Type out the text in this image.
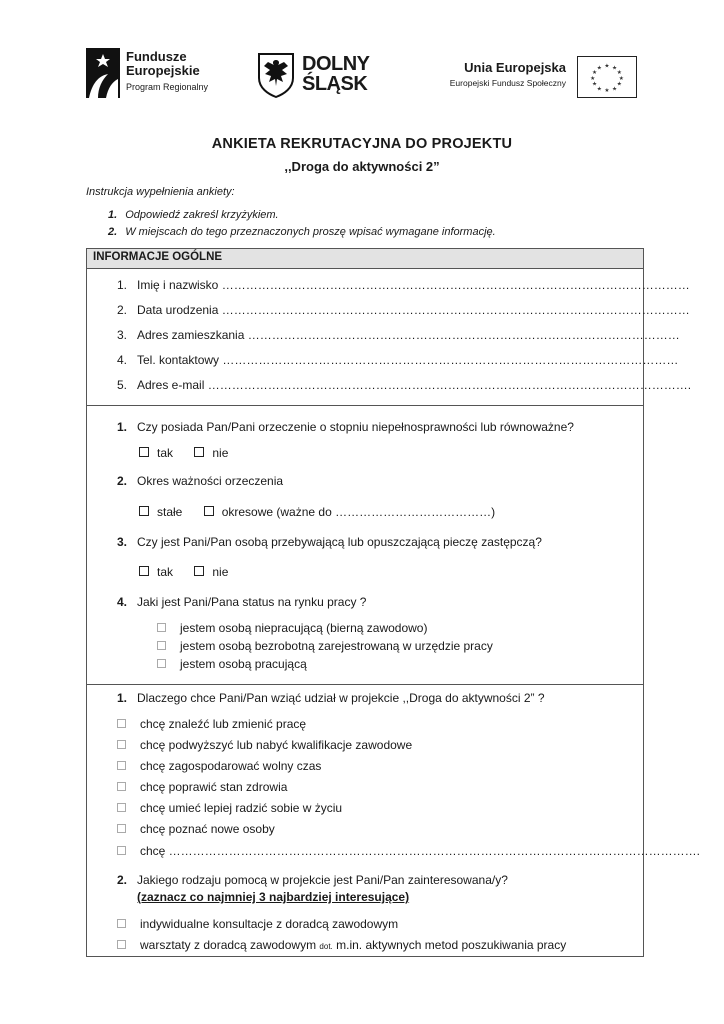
Fundusze
Europejskie
Program Regionalny
DOLNY
ŚLĄSK
Unia Europejska
Europejski Fundusz Społeczny
★ ★
★
★
★
★
★
★
★
★
★
★
ANKIETA REKRUTACYJNA DO PROJEKTU
,,Droga do aktywności 2”
Instrukcja wypełnienia ankiety:
1. Odpowiedź zakreśl krzyżykiem.
2. W miejscach do tego przeznaczonych proszę wpisać wymagane informację.
INFORMACJE OGÓLNE
1. Imię i nazwisko ………………………………………………………………………………………………………
2. Data urodzenia ………………………………………………………………………………………………………
3. Adres zamieszkania ………………………………………………………………………………………………
4. Tel. kontaktowy ……………………………………………………………………………………………………
5. Adres e-mail ………………………………………………………………………………………………………….
1. Czy posiada Pan/Pani orzeczenie o stopniu niepełnosprawności lub równoważne?
tak	nie
2. Okres ważności orzeczenia
stałe	okresowe (ważne do …………………………………)
3. Czy jest Pani/Pan osobą przebywającą lub opuszczającą pieczę zastępczą?
tak	nie
4. Jaki jest Pani/Pana status na rynku pracy ?
jestem osobą niepracującą (bierną zawodowo)
jestem osobą bezrobotną zarejestrowaną w urzędzie pracy
jestem osobą pracującą
1. Dlaczego chce Pani/Pan wziąć udział w projekcie ,,Droga do aktywności 2” ?
chcę znaleźć lub zmienić pracę
chcę podwyższyć lub nabyć kwalifikacje zawodowe
chcę zagospodarować wolny czas
chcę poprawić stan zdrowia
chcę umieć lepiej radzić sobie w życiu
chcę poznać nowe osoby
chcę …………………………………………………………………………………………………………………….
2. Jakiego rodzaju pomocą w projekcie jest Pani/Pan zainteresowana/y?
(zaznacz co najmniej 3 najbardziej interesujące)
indywidualne konsultacje z doradcą zawodowym
warsztaty z doradcą zawodowym dot. m.in. aktywnych metod poszukiwania pracy
